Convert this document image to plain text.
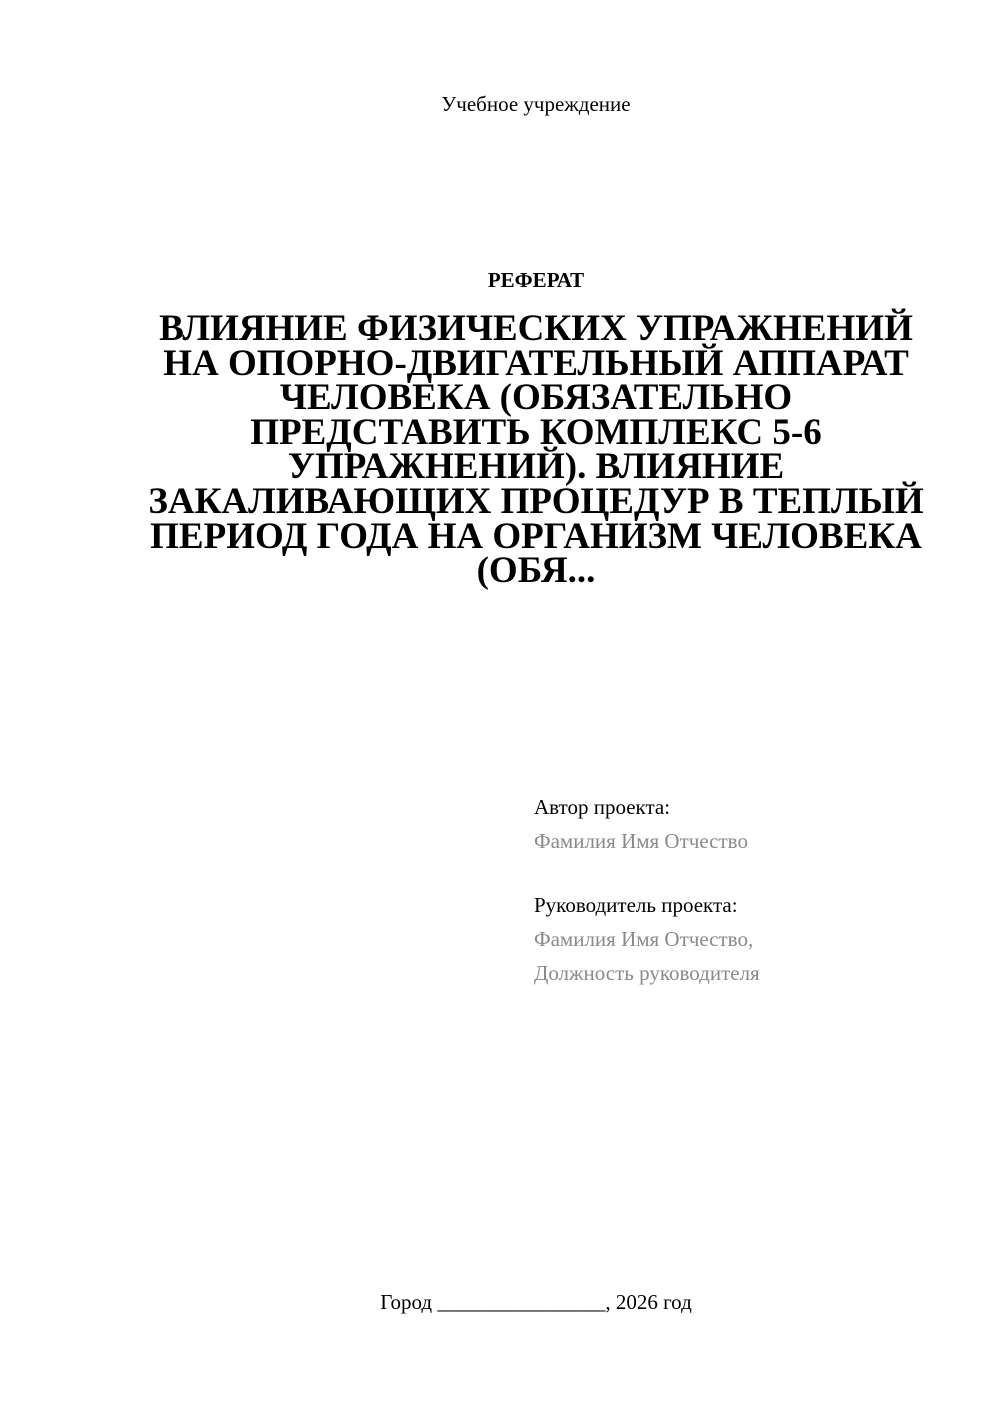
Учебное учреждение
РЕФЕРАТ
ВЛИЯНИЕ ФИЗИЧЕСКИХ УПРАЖНЕНИЙ НА ОПОРНО-ДВИГАТЕЛЬНЫЙ АППАРАТ ЧЕЛОВЕКА (ОБЯЗАТЕЛЬНО ПРЕДСТАВИТЬ КОМПЛЕКС 5-6 УПРАЖНЕНИЙ). ВЛИЯНИЕ ЗАКАЛИВАЮЩИХ ПРОЦЕДУР В ТЕПЛЫЙ ПЕРИОД ГОДА НА ОРГАНИЗМ ЧЕЛОВЕКА (ОБЯ...
Автор проекта:
Фамилия Имя Отчество
Руководитель проекта:
Фамилия Имя Отчество,
Должность руководителя
Город ________________, 2026 год
